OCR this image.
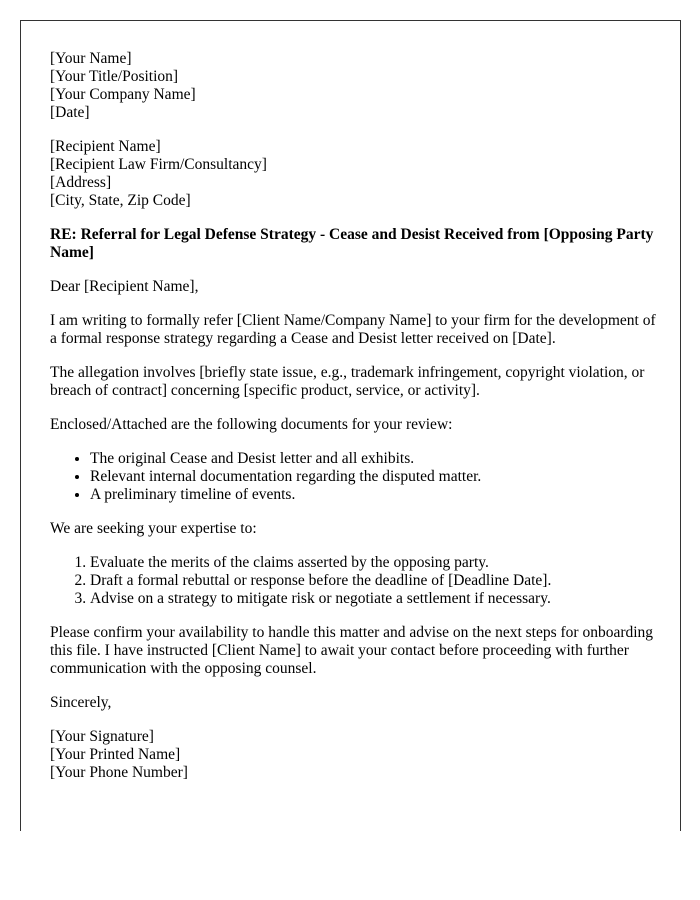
[Your Name]
[Your Title/Position]
[Your Company Name]
[Date]
[Recipient Name]
[Recipient Law Firm/Consultancy]
[Address]
[City, State, Zip Code]

RE: Referral for Legal Defense Strategy - Cease and Desist Received from [Opposing Party Name]

Dear [Recipient Name],

I am writing to formally refer [Client Name/Company Name] to your firm for the development of a formal response strategy regarding a Cease and Desist letter received on [Date].

The allegation involves [briefly state issue, e.g., trademark infringement, copyright violation, or breach of contract] concerning [specific product, service, or activity].

Enclosed/Attached are the following documents for your review:

• The original Cease and Desist letter and all exhibits.
• Relevant internal documentation regarding the disputed matter.
• A preliminary timeline of events.

We are seeking your expertise to:

1. Evaluate the merits of the claims asserted by the opposing party.
2. Draft a formal rebuttal or response before the deadline of [Deadline Date].
3. Advise on a strategy to mitigate risk or negotiate a settlement if necessary.

Please confirm your availability to handle this matter and advise on the next steps for onboarding this file. I have instructed [Client Name] to await your contact before proceeding with further communication with the opposing counsel.

Sincerely,

[Your Signature]
[Your Printed Name]
[Your Phone Number]
